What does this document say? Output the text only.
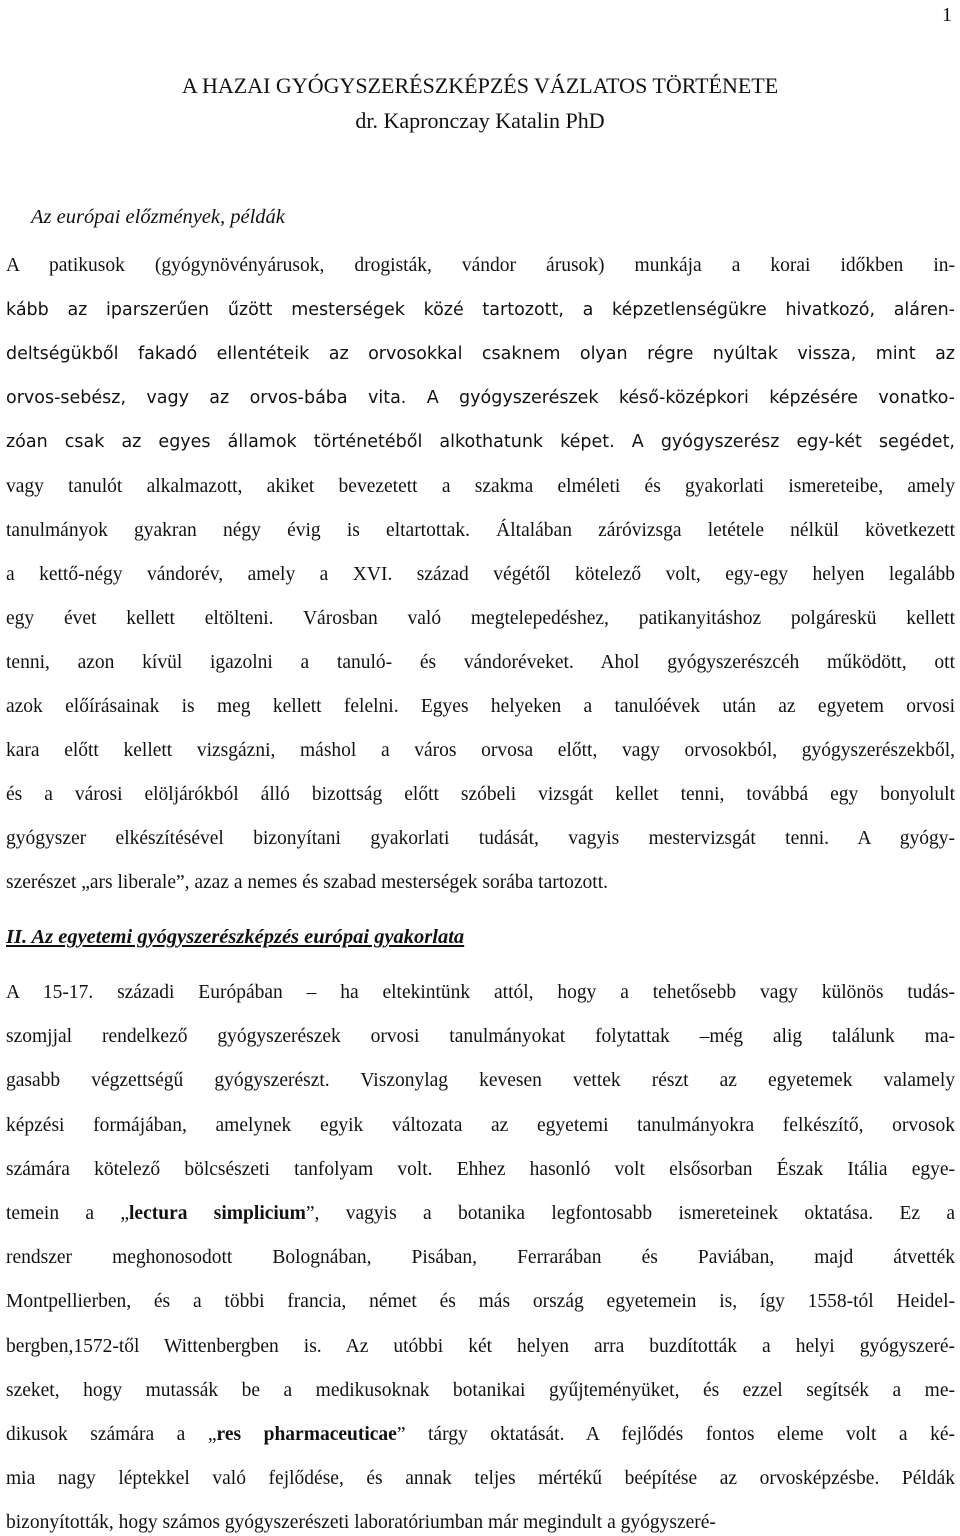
1
A HAZAI GYÓGYSZERÉSZKÉPZÉS VÁZLATOS TÖRTÉNETE
dr. Kapronczay Katalin PhD
Az európai előzmények, példák
A patikusok (gyógynövényárusok, drogisták, vándor árusok) munkája a korai időkben in-
kább az iparszerűen űzött mesterségek közé tartozott, a képzetlenségükre hivatkozó, aláren-
deltségükből fakadó ellentéteik az orvosokkal csaknem olyan régre nyúltak vissza, mint az
orvos-sebész, vagy az orvos-bába vita. A gyógyszerészek késő-középkori képzésére vonatko-
zóan csak az egyes államok történetéből alkothatunk képet. A gyógyszerész egy-két segédet,
vagy tanulót alkalmazott, akiket bevezetett a szakma elméleti és gyakorlati ismereteibe, amely
tanulmányok gyakran négy évig is eltartottak. Általában záróvizsga letétele nélkül következett
a kettő-négy vándorév, amely a XVI. század végétől kötelező volt, egy-egy helyen legalább
egy évet kellett eltölteni. Városban való megtelepedéshez, patikanyitáshoz polgáreskü kellett
tenni, azon kívül igazolni a tanuló- és vándoréveket. Ahol gyógyszerészcéh működött, ott
azok előírásainak is meg kellett felelni. Egyes helyeken a tanulóévek után az egyetem orvosi
kara előtt kellett vizsgázni, máshol a város orvosa előtt, vagy orvosokból, gyógyszerészekből,
és a városi elöljárókból álló bizottság előtt szóbeli vizsgát kellet tenni, továbbá egy bonyolult
gyógyszer elkészítésével bizonyítani gyakorlati tudását, vagyis mestervizsgát tenni. A gyógy-
szerészet „ars liberale”, azaz a nemes és szabad mesterségek sorába tartozott.
II. Az egyetemi gyógyszerészképzés európai gyakorlata
A 15-17. századi Európában – ha eltekintünk attól, hogy a tehetősebb vagy különös tudás-
szomjjal rendelkező gyógyszerészek orvosi tanulmányokat folytattak –még alig találunk ma-
gasabb végzettségű gyógyszerészt. Viszonylag kevesen vettek részt az egyetemek valamely
képzési formájában, amelynek egyik változata az egyetemi tanulmányokra felkészítő, orvosok
számára kötelező bölcsészeti tanfolyam volt. Ehhez hasonló volt elsősorban Észak Itália egye-
temein a „lectura simplicium”, vagyis a botanika legfontosabb ismereteinek oktatása. Ez a
rendszer meghonosodott Bolognában, Pisában, Ferrarában és Paviában, majd átvették
Montpellierben, és a többi francia, német és más ország egyetemein is, így 1558-tól Heidel-
bergben,1572-től Wittenbergben is. Az utóbbi két helyen arra buzdították a helyi gyógyszeré-
szeket, hogy mutassák be a medikusoknak botanikai gyűjteményüket, és ezzel segítsék a me-
dikusok számára a „res pharmaceuticae” tárgy oktatását. A fejlődés fontos eleme volt a ké-
mia nagy léptekkel való fejlődése, és annak teljes mértékű beépítése az orvosképzésbe. Példák
bizonyították, hogy számos gyógyszerészeti laboratóriumban már megindult a gyógyszeré-
